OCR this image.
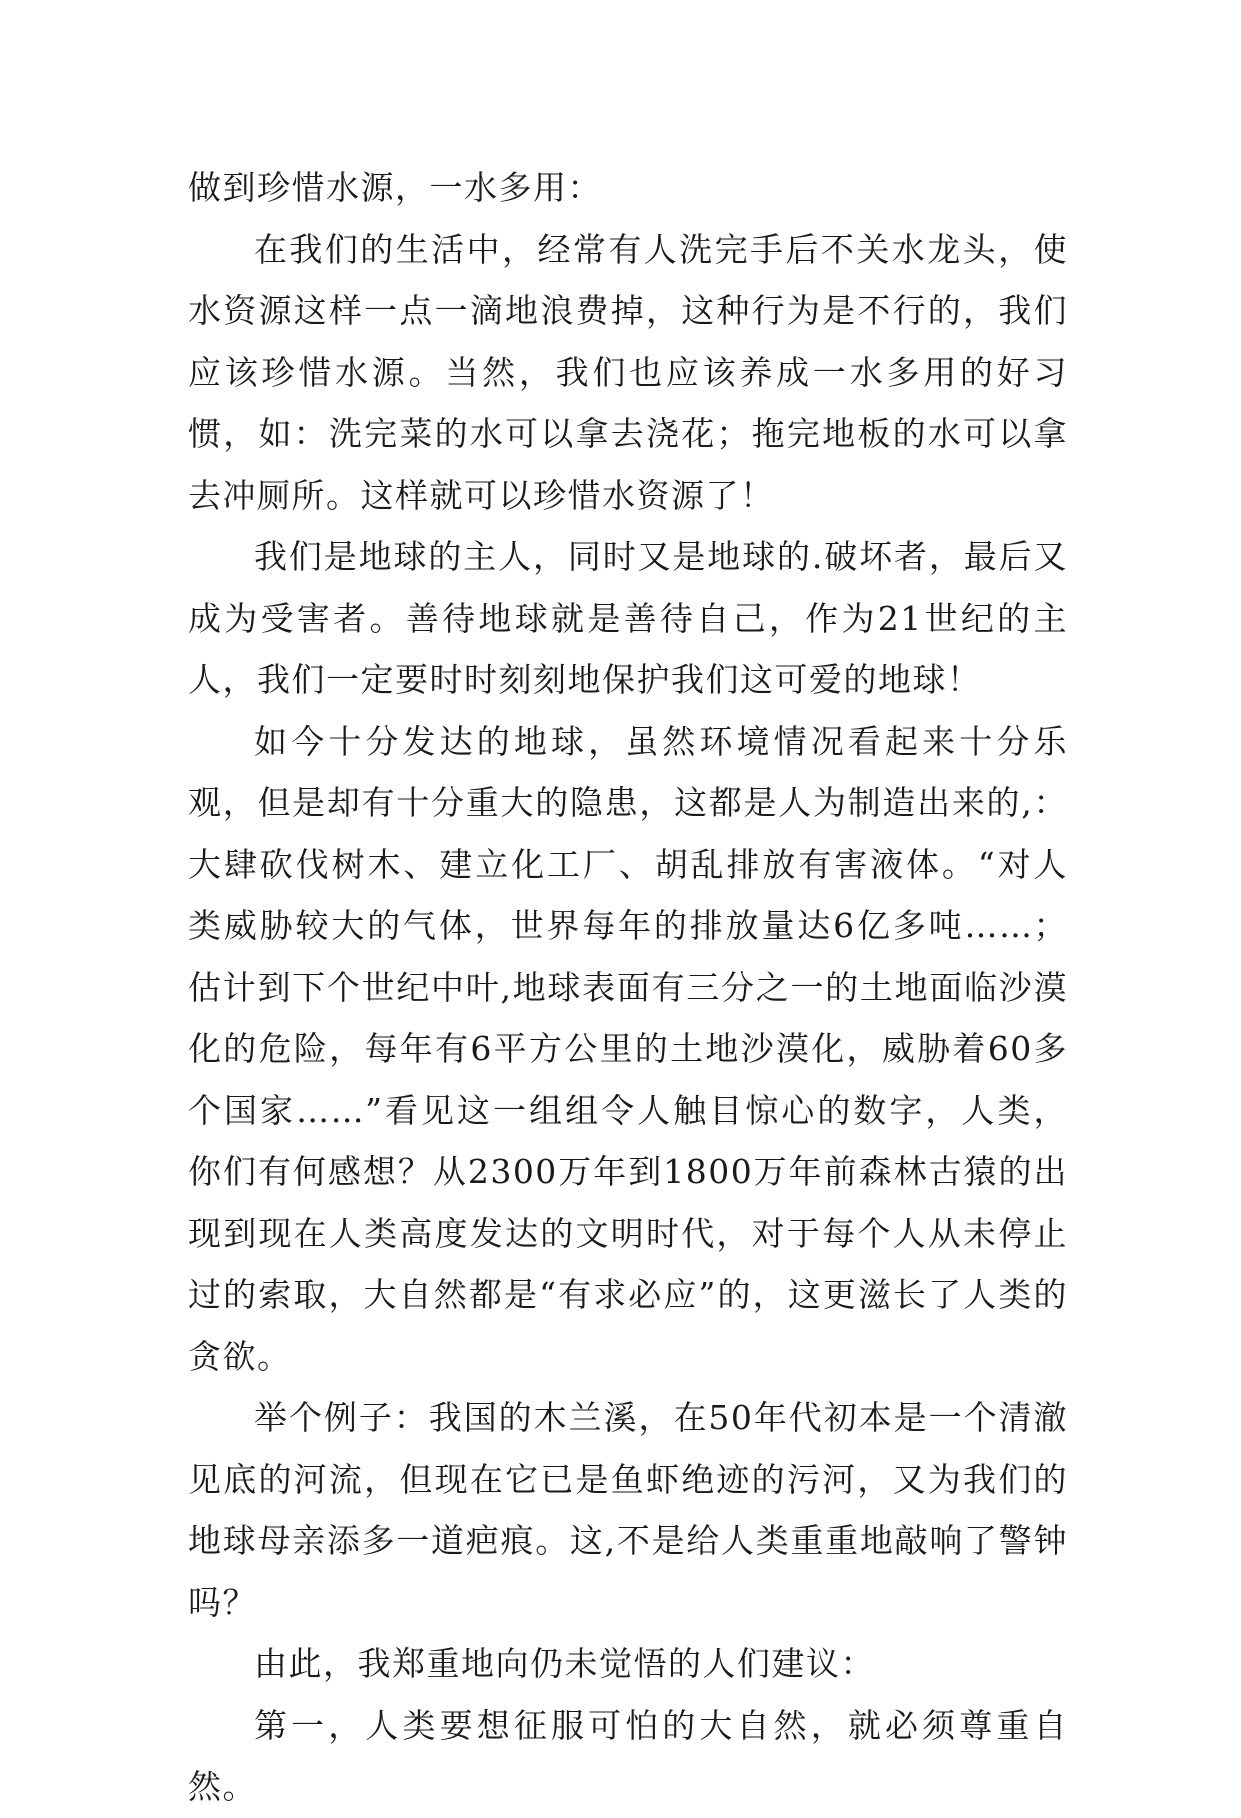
做到珍惜水源，一水多用：

在我们的生活中，经常有人洗完手后不关水龙头，使水资源这样一点一滴地浪费掉，这种行为是不行的，我们应该珍惜水源。当然，我们也应该养成一水多用的好习惯，如：洗完菜的水可以拿去浇花；拖完地板的水可以拿去冲厕所。这样就可以珍惜水资源了！

我们是地球的主人，同时又是地球的.破坏者，最后又成为受害者。善待地球就是善待自己，作为21世纪的主人，我们一定要时时刻刻地保护我们这可爱的地球！

如今十分发达的地球，虽然环境情况看起来十分乐观，但是却有十分重大的隐患，这都是人为制造出来的,：大肆砍伐树木、建立化工厂、胡乱排放有害液体。“对人类威胁较大的气体，世界每年的排放量达6亿多吨……；估计到下个世纪中叶,地球表面有三分之一的土地面临沙漠化的危险，每年有6平方公里的土地沙漠化，威胁着60多个国家……”看见这一组组令人触目惊心的数字，人类，你们有何感想？从2300万年到1800万年前森林古猿的出现到现在人类高度发达的文明时代，对于每个人从未停止过的索取，大自然都是“有求必应”的，这更滋长了人类的贪欲。

举个例子：我国的木兰溪，在50年代初本是一个清澈见底的河流，但现在它已是鱼虾绝迹的污河，又为我们的地球母亲添多一道疤痕。这,不是给人类重重地敲响了警钟吗？

由此，我郑重地向仍未觉悟的人们建议：

第一，人类要想征服可怕的大自然，就必须尊重自然。
